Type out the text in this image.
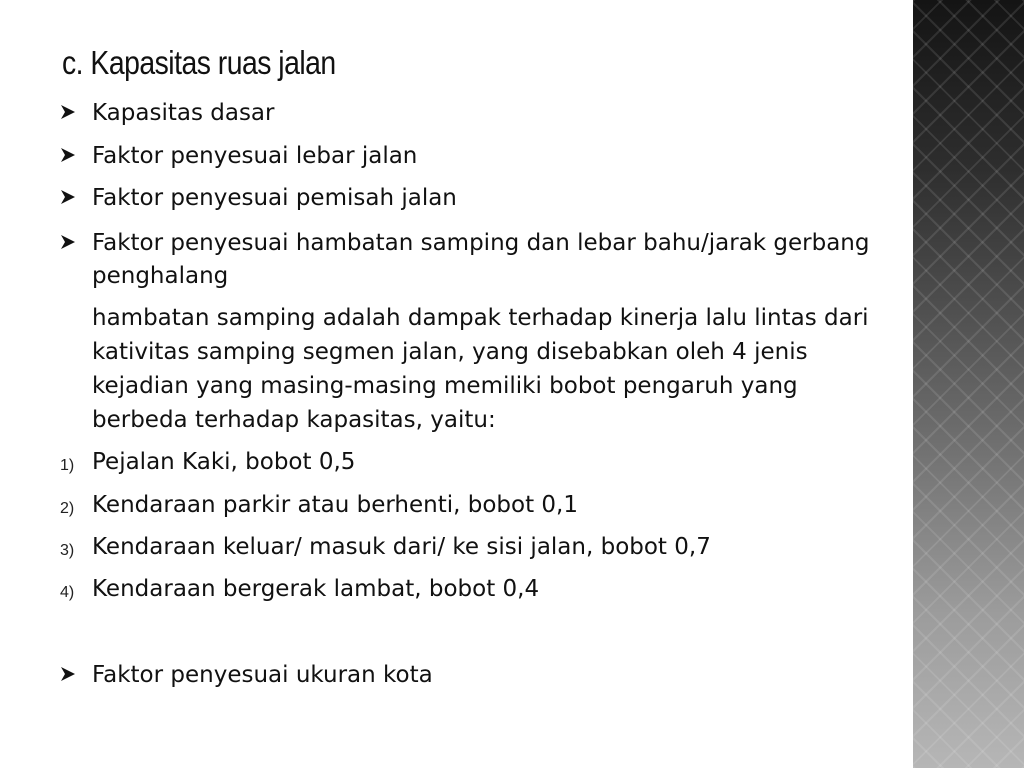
c. Kapasitas ruas jalan
Kapasitas dasar
Faktor penyesuai lebar jalan
Faktor penyesuai pemisah jalan
Faktor penyesuai hambatan samping dan lebar bahu/jarak gerbang
penghalang
hambatan samping adalah dampak terhadap kinerja lalu lintas dari
kativitas samping segmen jalan, yang disebabkan oleh 4 jenis
kejadian yang masing-masing memiliki bobot pengaruh yang
berbeda terhadap kapasitas, yaitu:
1) Pejalan Kaki, bobot 0,5
2) Kendaraan parkir atau berhenti, bobot 0,1
3) Kendaraan keluar/ masuk dari/ ke sisi jalan, bobot 0,7
4) Kendaraan bergerak lambat, bobot 0,4
Faktor penyesuai ukuran kota
